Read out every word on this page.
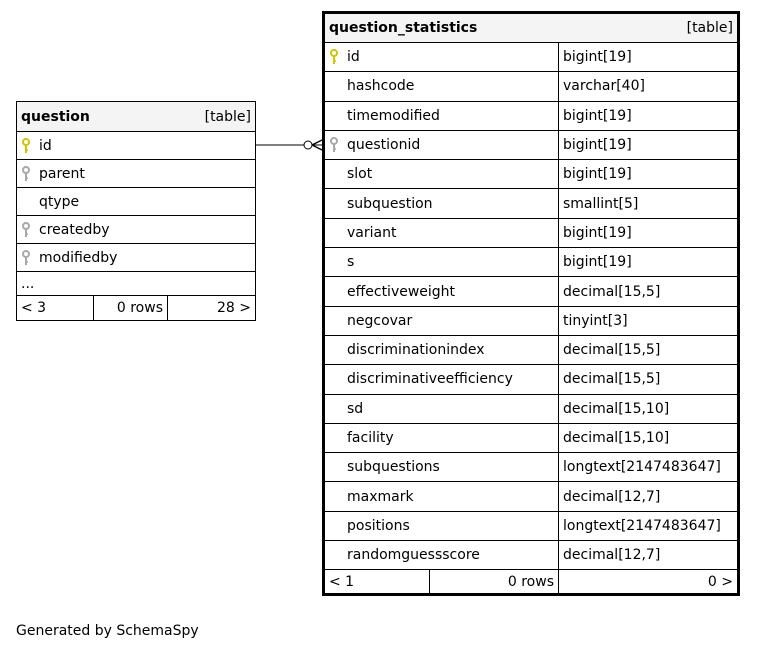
question	[table]

id

parent
qtype

createdby

modifiedby
...
< 3	0 rows	28 >
question_statistics [table]		

id		bigint[19]
hashcode		varchar[40]
timemodified		bigint[19]

questionid		bigint[19]
slot		bigint[19]
subquestion		smallint[5]
variant		bigint[19]
s		bigint[19]
effectiveweight		decimal[15,5]
negcovar		tinyint[3]
discriminationindex		decimal[15,5]
discriminativeefficiency		decimal[15,5]
sd		decimal[15,10]
facility		decimal[15,10]
subquestions		longtext[2147483647]
maxmark		decimal[12,7]
positions		longtext[2147483647]
randomguessscore		decimal[12,7]
< 1	0 rows	0 >
Generated by SchemaSpy
